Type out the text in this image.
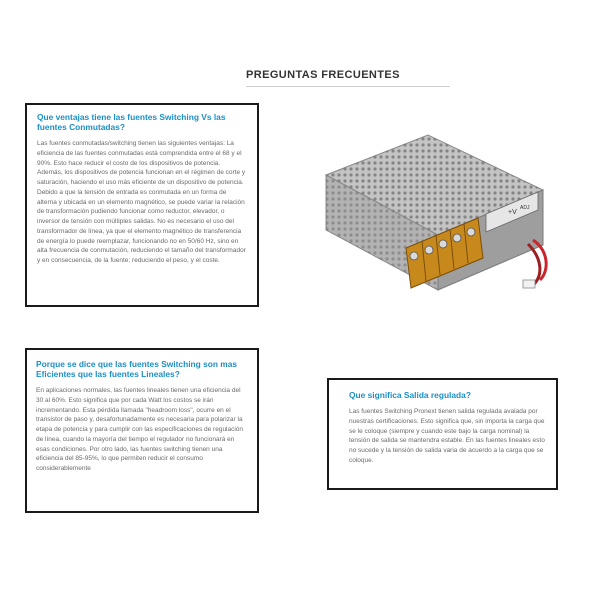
PREGUNTAS FRECUENTES
Que ventajas tiene las fuentes Switching Vs las fuentes Conmutadas?

Las fuentes conmutadas/switching tienen las siguientes ventajas: La eficiencia de las fuentes conmutadas está comprendida entre el 68 y el 90%. Esto hace reducir el costo de los dispositivos de potencia. Además, los dispositivos de potencia funcionan en el régimen de corte y saturación, haciendo el uso más eficiente de un dispositivo de potencia. Debido a que la tensión de entrada es conmutada en un forma de alterna y ubicada en un elemento magnético, se puede variar la relación de transformación pudiendo funcionar como reductor, elevador, o inversor de tensión con múltiples salidas. No es necesario el uso del transformador de línea, ya que el elemento magnético de transferencia de energía lo puede reemplazar, funcionando no en 50/60 Hz, sino en alta frecuencia de conmutación, reduciendo el tamaño del transformador y en consecuencia, de la fuente; reduciendo el peso, y el coste.

Porque se dice que las fuentes Switching son mas Eficientes que las fuentes Lineales?

En aplicaciones normales, las fuentes lineales tienen una eficiencia del 30 al 60%. Esto significa que por cada Watt los costos se irán incrementando. Esta pérdida llamada "headroom loss", ocurre en el transistor de paso y, desafortunadamente es necesaria para polarizar la etapa de potencia y para cumplir con las especificaciones de regulación de línea, cuando la mayoría del tiempo el regulador no funcionará en esas condiciones. Por otro lado, las fuentes switching tienen una eficiencia del 85-95%, lo que permiten reducir el consumo considerablemente

Que significa Salida regulada?

Las fuentes Switching Pronext tienen salida regulada avalada por nuestras certificaciones. Esto significa que, sin importa la carga que se le coloque (siempre y cuando este bajo la carga nominal) la tensión de salida se mantendra estable. En las fuentes lineales esto no sucede y la tensión de salida varia de acuerdo a la carga que se coloque.

+V
ADJ
